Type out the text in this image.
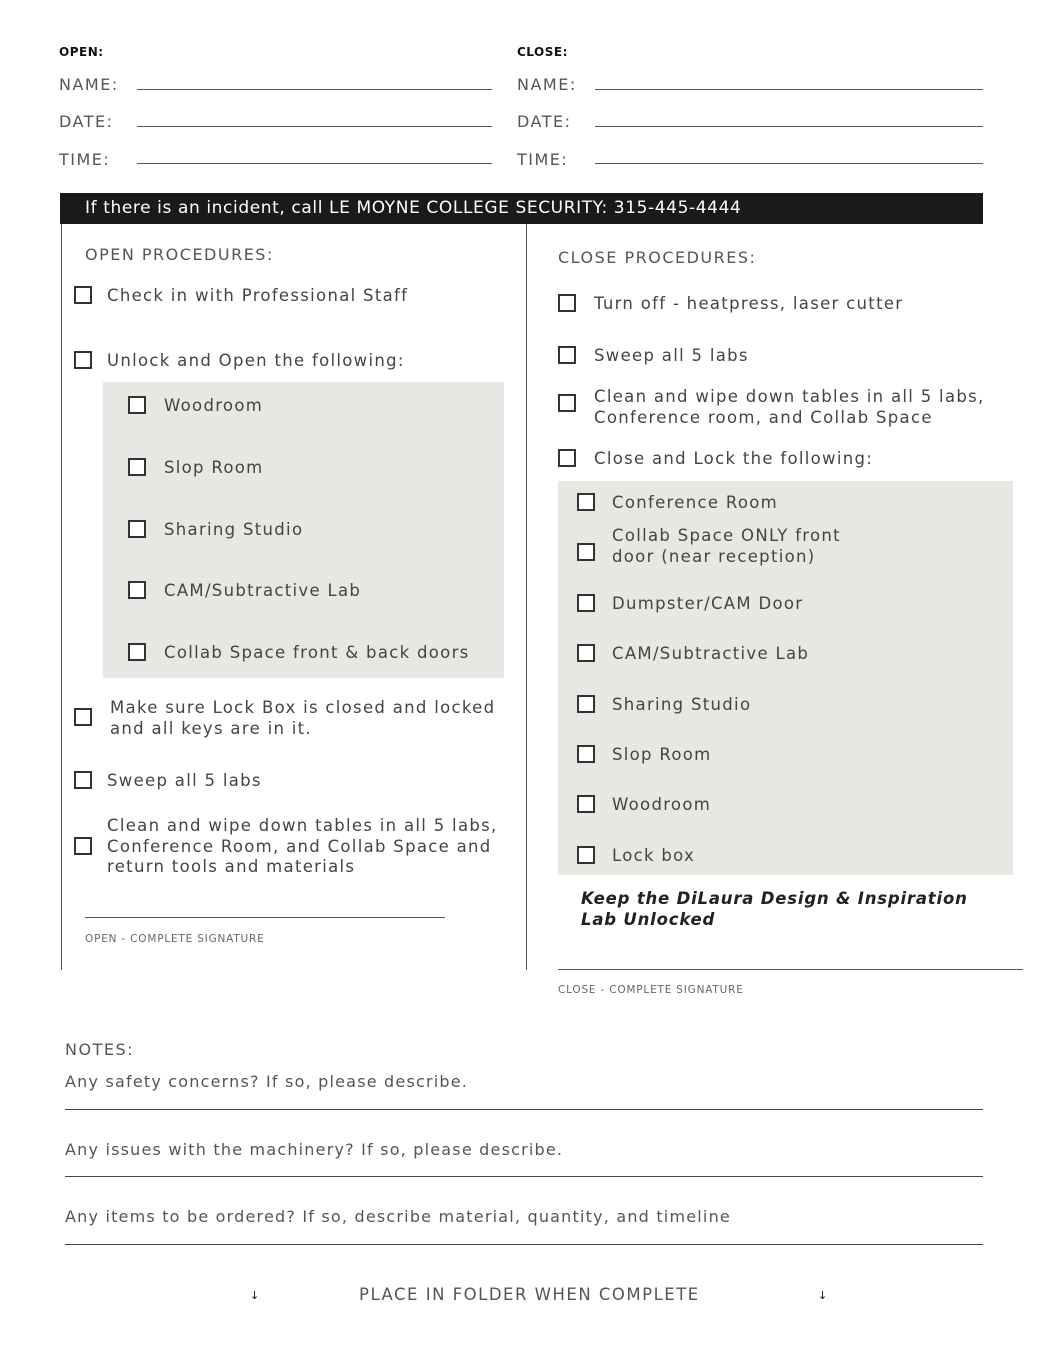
OPEN:
NAME:
DATE:
TIME:
CLOSE:
NAME:
DATE:
TIME:
If there is an incident, call LE MOYNE COLLEGE SECURITY: 315-445-4444
OPEN PROCEDURES:
Check in with Professional Staff
Unlock and Open the following:
Woodroom
Slop Room
Sharing Studio
CAM/Subtractive Lab
Collab Space front & back doors
Make sure Lock Box is closed and locked and all keys are in it.
Sweep all 5 labs
Clean and wipe down tables in all 5 labs, Conference Room, and Collab Space and return tools and materials
OPEN - COMPLETE SIGNATURE
CLOSE PROCEDURES:
Turn off - heatpress, laser cutter
Sweep all 5 labs
Clean and wipe down tables in all 5 labs, Conference room, and Collab Space
Close and Lock the following:
Conference Room
Collab Space ONLY front door (near reception)
Dumpster/CAM Door
CAM/Subtractive Lab
Sharing Studio
Slop Room
Woodroom
Lock box
Keep the DiLaura Design & Inspiration Lab Unlocked
CLOSE - COMPLETE SIGNATURE
NOTES:
Any safety concerns? If so, please describe.
Any issues with the machinery? If so, please describe.
Any items to be ordered? If so, describe material, quantity, and timeline
↓	PLACE IN FOLDER WHEN COMPLETE	↓
